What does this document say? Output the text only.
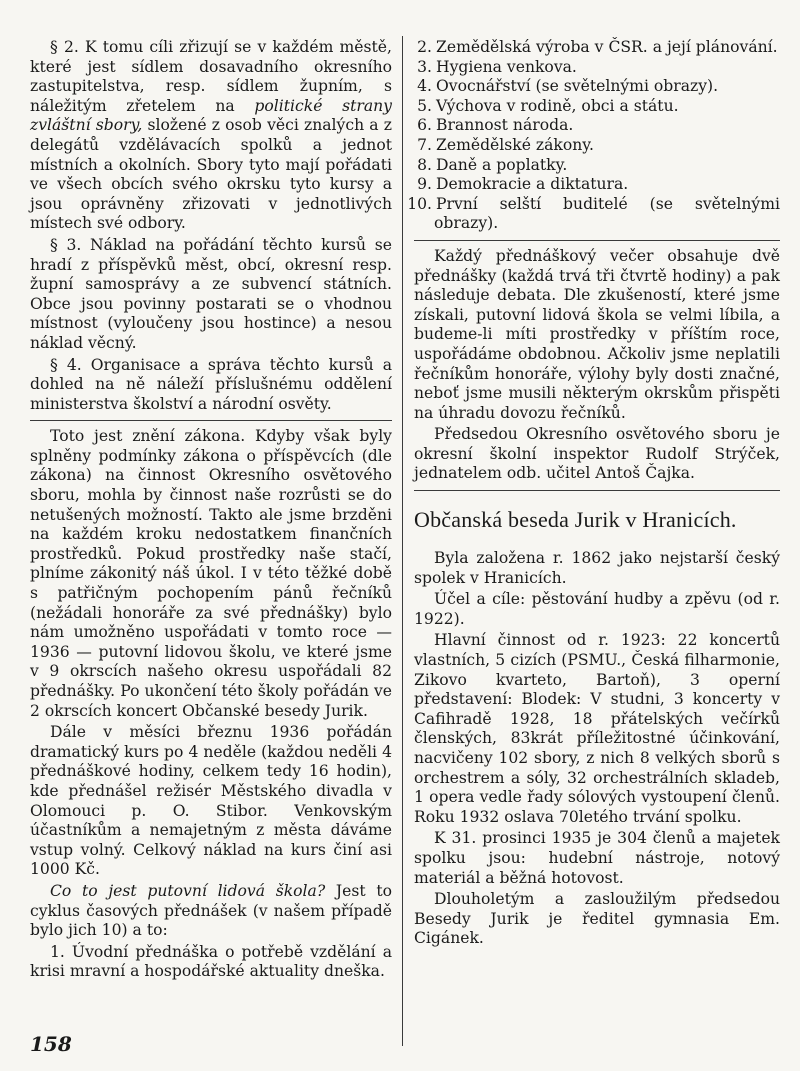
§ 2. K tomu cíli zřizují se v každém městě, které jest sídlem dosavadního okresního zastupitelstva, resp. sídlem župním, s náležitým zřetelem na politické strany zvláštní sbory, složené z osob věci znalých a z delegátů vzdělávacích spolků a jednot místních a okolních. Sbory tyto mají pořádati ve všech obcích svého okrsku tyto kursy a jsou oprávněny zřizovati v jednotlivých místech své odbory.

§ 3. Náklad na pořádání těchto kursů se hradí z příspěvků měst, obcí, okresní resp. župní samosprávy a ze subvencí státních. Obce jsou povinny postarati se o vhodnou místnost (vyloučeny jsou hostince) a nesou náklad věcný.

§ 4. Organisace a správa těchto kursů a dohled na ně náleží příslušnému oddělení ministerstva školství a národní osvěty.

Toto jest znění zákona. Kdyby však byly splněny podmínky zákona o příspěvcích (dle zákona) na činnost Okresního osvětového sboru, mohla by činnost naše rozrůsti se do netušených možností. Takto ale jsme brzděni na každém kroku nedostatkem finančních prostředků. Pokud prostředky naše stačí, plníme zákonitý náš úkol. I v této těžké době s patřičným pochopením pánů řečníků (nežádali honoráře za své přednášky) bylo nám umožněno uspořádati v tomto roce — 1936 — putovní lidovou školu, ve které jsme v 9 okrscích našeho okresu uspořádali 82 přednášky. Po ukončení této školy pořádán ve 2 okrscích koncert Občanské besedy Jurik.

Dále v měsíci březnu 1936 pořádán dramatický kurs po 4 neděle (každou neděli 4 přednáškové hodiny, celkem tedy 16 hodin), kde přednášel režisér Městského divadla v Olomouci p. O. Stibor. Venkovským účastníkům a nemajetným z města dáváme vstup volný. Celkový náklad na kurs činí asi 1000 Kč.

Co to jest putovní lidová škola? Jest to cyklus časových přednášek (v našem případě bylo jich 10) a to:

1. Úvodní přednáška o potřebě vzdělání a krisi mravní a hospodářské aktuality dneška.

2. Zemědělská výroba v ČSR. a její plánování.
3. Hygiena venkova.
4. Ovocnářství (se světelnými obrazy).
5. Výchova v rodině, obci a státu.
6. Brannost národa.
7. Zemědělské zákony.
8. Daně a poplatky.
9. Demokracie a diktatura.
10. První selští buditelé (se světelnými obrazy).

Každý přednáškový večer obsahuje dvě přednášky (každá trvá tři čtvrtě hodiny) a pak následuje debata. Dle zkušeností, které jsme získali, putovní lidová škola se velmi líbila, a budeme-li míti prostředky v příštím roce, uspořádáme obdobnou. Ačkoliv jsme neplatili řečníkům honoráře, výlohy byly dosti značné, neboť jsme musili některým okrskům přispěti na úhradu dovozu řečníků.

Předsedou Okresního osvětového sboru je okresní školní inspektor Rudolf Strýček, jednatelem odb. učitel Antoš Čajka.

Občanská beseda Jurik v Hranicích.

Byla založena r. 1862 jako nejstarší český spolek v Hranicích.

Účel a cíle: pěstování hudby a zpěvu (od r. 1922).

Hlavní činnost od r. 1923: 22 koncertů vlastních, 5 cizích (PSMU., Česká filharmonie, Zikovo kvarteto, Bartoň), 3 operní představení: Blodek: V studni, 3 koncerty v Cafihradě 1928, 18 přátelských večírků členských, 83krát příležitostné účinkování, nacvičeny 102 sbory, z nich 8 velkých sborů s orchestrem a sóly, 32 orchestrálních skladeb, 1 opera vedle řady sólových vystoupení členů. Roku 1932 oslava 70letého trvání spolku.

K 31. prosinci 1935 je 304 členů a majetek spolku jsou: hudební nástroje, notový materiál a běžná hotovost.

Dlouholetým a zasloužilým předsedou Besedy Jurik je ředitel gymnasia Em. Cigánek.

158
